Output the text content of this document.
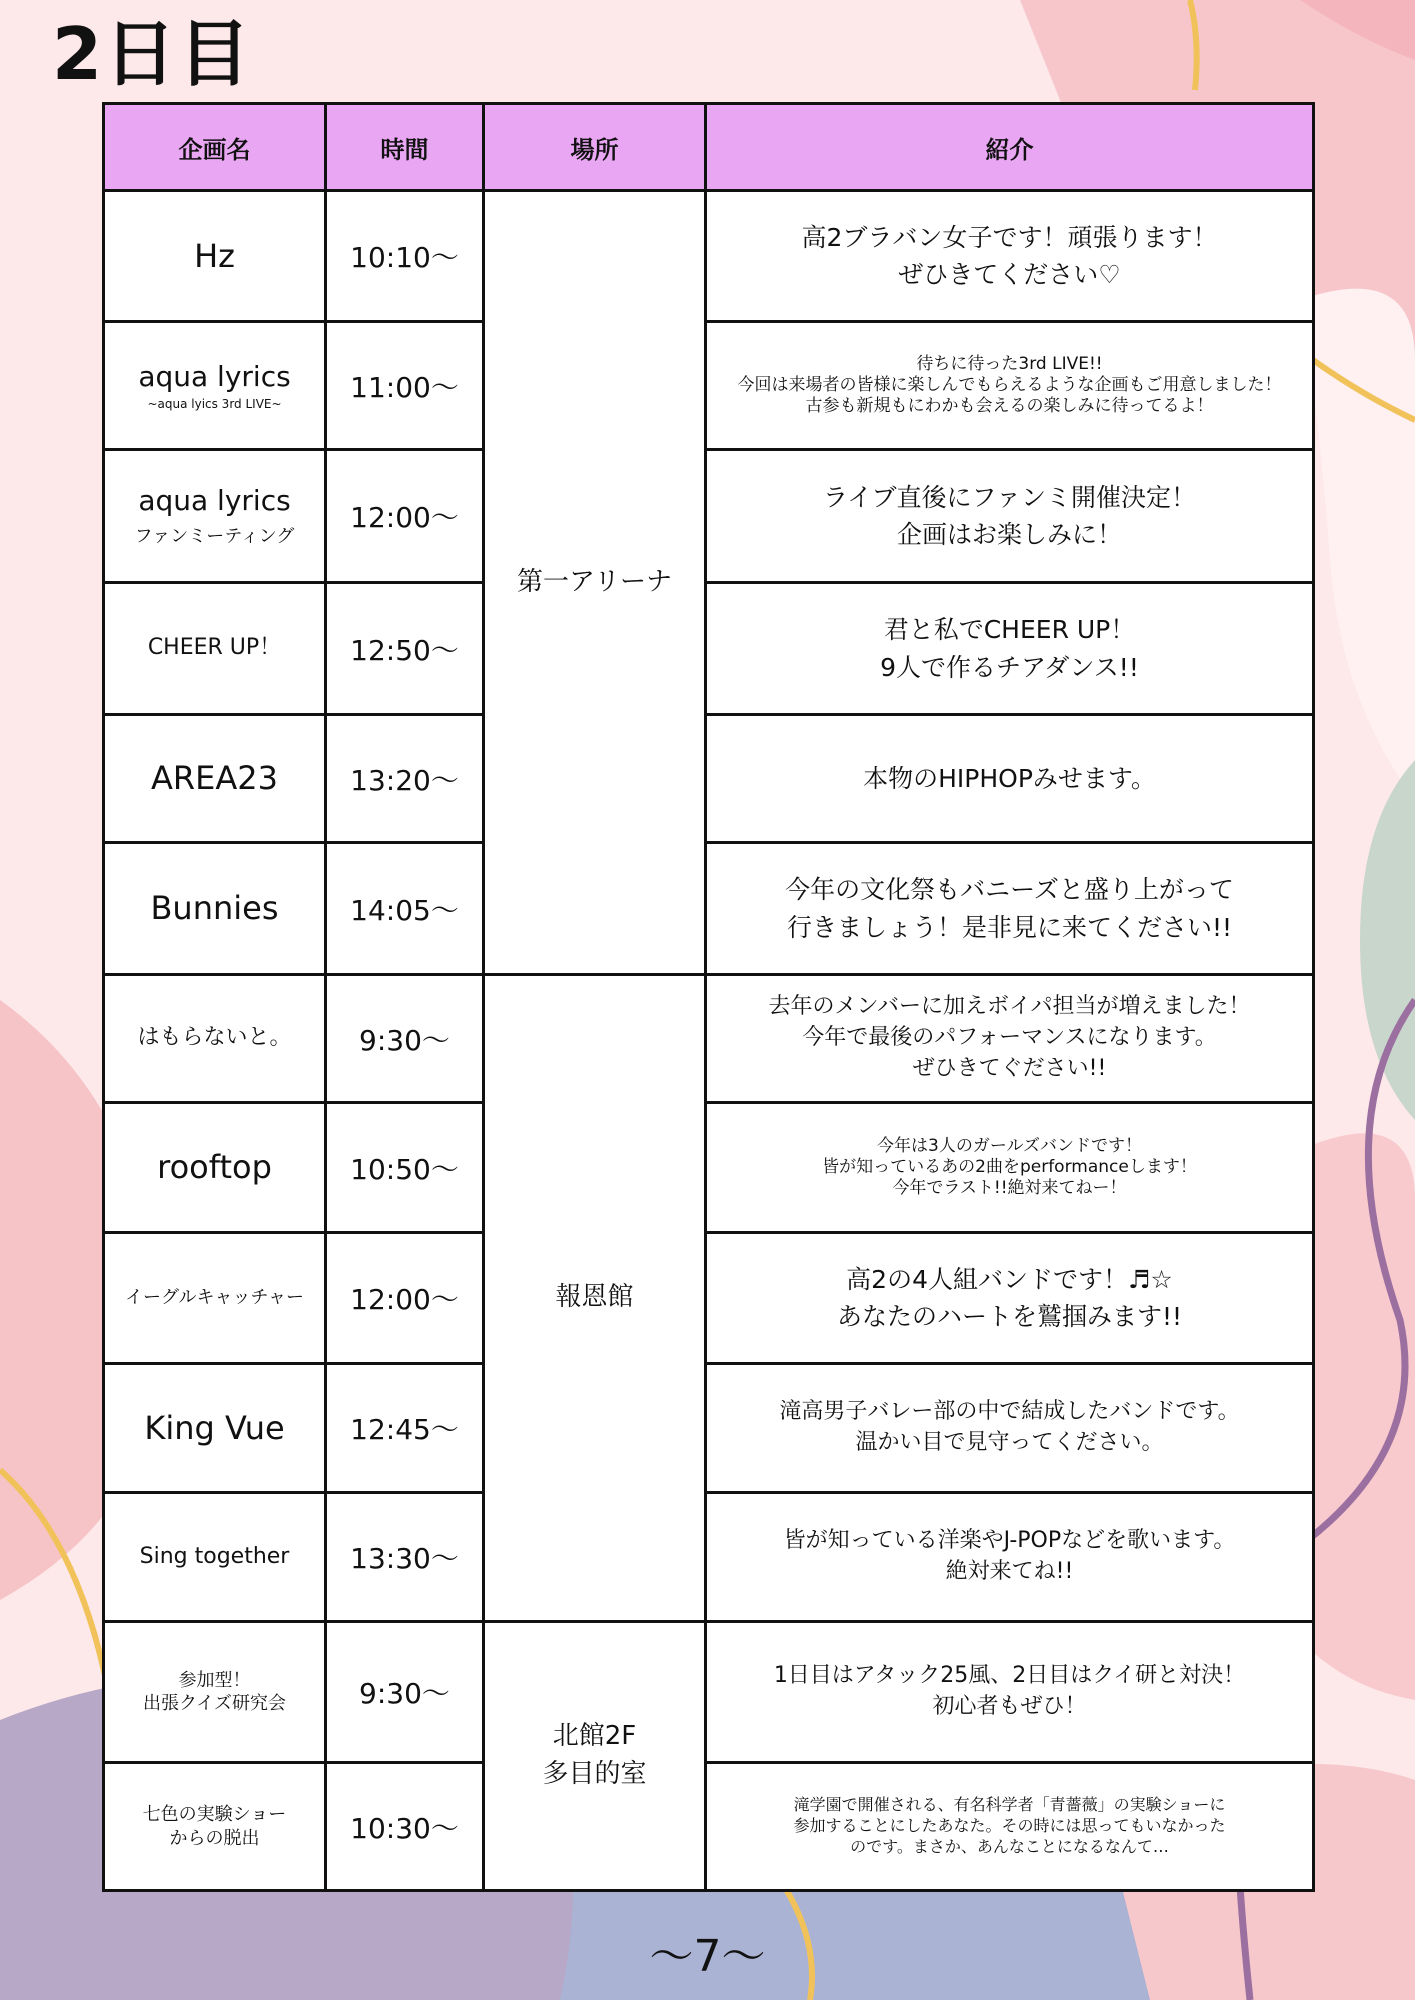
2日目
企画名	時間	場所	紹介
Hz	10:10〜	第一アリーナ	高2ブラバン女子です！頑張ります！
ぜひきてください♡

aqua lyrics
~aqua lyics 3rd LIVE~	11:00〜		待ちに待った3rd LIVE!!
今回は来場者の皆様に楽しんでもらえるような企画もご用意しました！
古参も新規もにわかも会えるの楽しみに待ってるよ！

aqua lyrics
ファンミーティング	12:00〜		ライブ直後にファンミ開催決定！
企画はお楽しみに！

CHEER UP！	12:50〜		君と私でCHEER UP！
9人で作るチアダンス!!

AREA23	13:20〜		本物のHIPHOPみせます。

Bunnies	14:05〜		今年の文化祭もバニーズと盛り上がって
行きましょう！是非見に来てください!!

はもらないと。	9:30〜	報恩館	去年のメンバーに加えボイパ担当が増えました！
今年で最後のパフォーマンスになります。
ぜひきてぐださい!!

rooftop	10:50〜		今年は3人のガールズバンドです！
皆が知っているあの2曲をperformanceします！
今年でラスト!!絶対来てねー！

イーグルキャッチャー	12:00〜		高2の4人組バンドです！♬☆
あなたのハートを鷲掴みます!!

King Vue	12:45〜		滝高男子バレー部の中で結成したバンドです。
温かい目で見守ってください。

Sing together	13:30〜		皆が知っている洋楽やJ-POPなどを歌います。
絶対来てね!!

参加型！
出張クイズ研究会	9:30〜	北館2F
多目的室	1日目はアタック25風、2日目はクイ研と対決！
初心者もぜひ！

七色の実験ショー
からの脱出	10:30〜		滝学園で開催される、有名科学者「青薔薇」の実験ショーに
参加することにしたあなた。その時には思ってもいなかった
のです。まさか、あんなことになるなんて…
〜7〜
